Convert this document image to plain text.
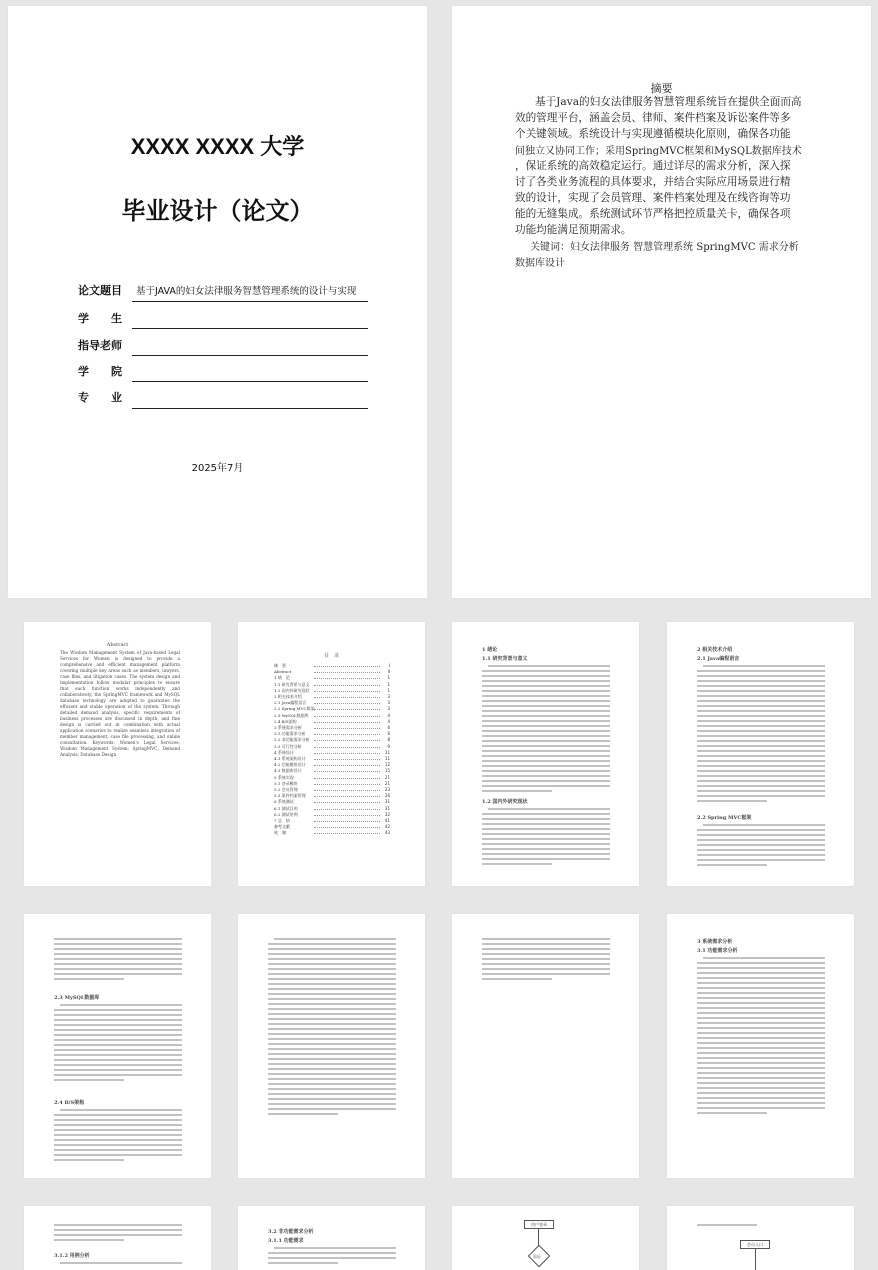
XXXX XXXX 大学
毕业设计（论文）
论文题目 基于JAVA的妇女法律服务智慧管理系统的设计与实现
学　　生
指导老师
学　　院
专　　业
2025年7月
摘要
基于Java的妇女法律服务智慧管理系统旨在提供全面而高
效的管理平台，涵盖会员、律师、案件档案及诉讼案件等多
个关键领域。系统设计与实现遵循模块化原则，确保各功能
间独立又协同工作；采用SpringMVC框架和MySQL数据库技术
，保证系统的高效稳定运行。通过详尽的需求分析，深入探
讨了各类业务流程的具体要求，并结合实际应用场景进行精
致的设计，实现了会员管理、案件档案处理及在线咨询等功
能的无缝集成。系统测试环节严格把控质量关卡，确保各项
功能均能满足预期需求。
关键词：妇女法律服务 智慧管理系统 SpringMVC 需求分析
数据库设计
Abstract
The Wisdom Management System of Java-based Legal Services for Women is designed to provide a comprehensive and efficient management platform covering multiple key areas such as members, lawyers, case files, and litigation cases. The system design and implementation follow modular principles to ensure that each function works independently and collaboratively; the SpringMVC framework and MySQL database technology are adopted to guarantee the efficient and stable operation of the system. Through detailed demand analysis, specific requirements of business processes are discussed in depth, and fine design is carried out in combination with actual application scenarios to realize seamless integration of member management, case file processing, and online consultation. Keywords: Women's Legal Services; Wisdom Management System; SpringMVC; Demand Analysis; Database Design
目　录
摘　要	I
Abstract	II
1 绪　论	1
1.1 研究背景与意义	1
1.2 国内外研究现状	1
2 相关技术介绍	3
2.1 Java编程语言	3
2.2 Spring MVC框架	3
2.3 MySQL数据库	4
2.4 B/S架构	4
3 系统需求分析	6
3.1 功能需求分析	6
3.2 非功能需求分析	8
3.3 可行性分析	9
4 系统设计	11
4.1 系统架构设计	11
4.2 功能模块设计	12
4.3 数据库设计	15
5 系统实现	21
5.1 登录模块	21
5.2 会员管理	23
5.3 案件档案管理	26
6 系统测试	31
6.1 测试目的	31
6.2 测试用例	32
7 总　结	41
参考文献	42
致　谢	43
1 绪论
1.1 研究背景与意义
1.2 国内外研究现状
2 相关技术介绍
2.1 Java编程语言
2.2 Spring MVC框架
2.3 MySQL数据库
2.4 B/S架构
3 系统需求分析
3.1 功能需求分析
3.1.2 用例分析
3.2 非功能需求分析
3.1.1 功能需求
用户登录
验证
会员入口
